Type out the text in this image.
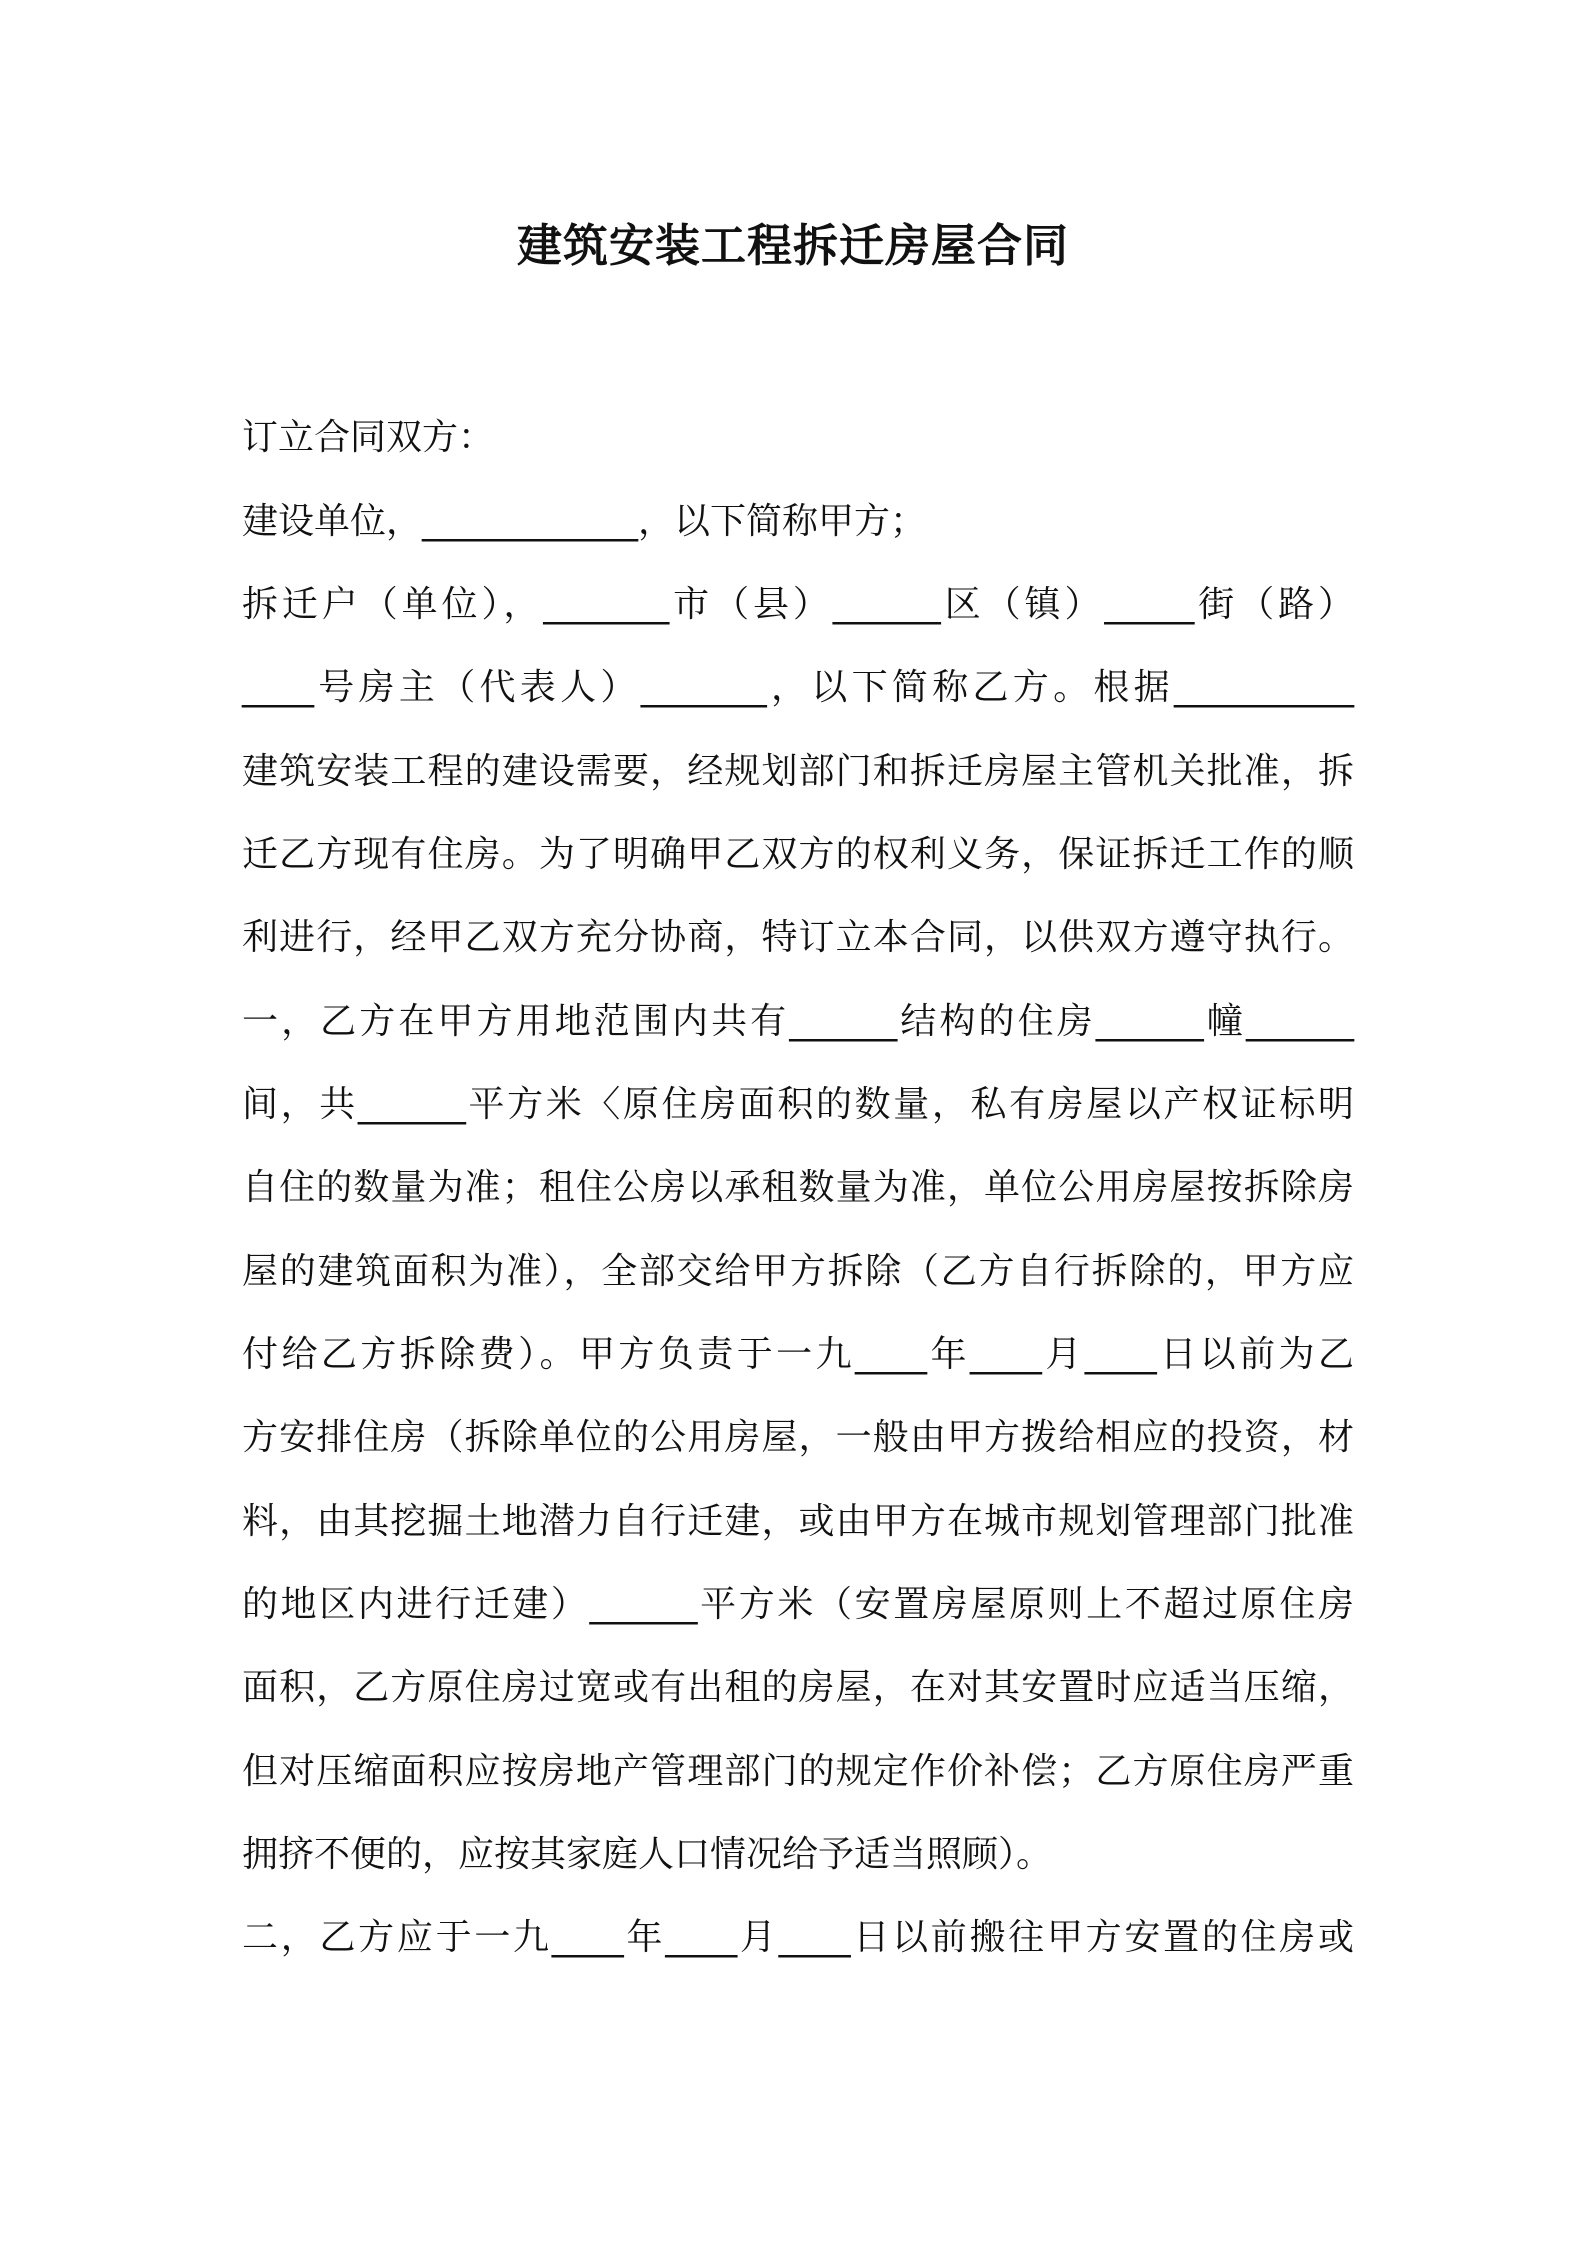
建筑安装工程拆迁房屋合同
订立合同双方：
建设单位，____________，以下简称甲方；
拆迁户（单位），_______市（县）______区（镇）_____街（路）
____号房主（代表人）_______，以下简称乙方。根据__________
建筑安装工程的建设需要，经规划部门和拆迁房屋主管机关批准，拆
迁乙方现有住房。为了明确甲乙双方的权利义务，保证拆迁工作的顺
利进行，经甲乙双方充分协商，特订立本合同，以供双方遵守执行。
一，乙方在甲方用地范围内共有______结构的住房______幢______
间，共______平方米〈原住房面积的数量，私有房屋以产权证标明
自住的数量为准；租住公房以承租数量为准，单位公用房屋按拆除房
屋的建筑面积为准），全部交给甲方拆除（乙方自行拆除的，甲方应
付给乙方拆除费）。甲方负责于一九____年____月____日以前为乙
方安排住房（拆除单位的公用房屋，一般由甲方拨给相应的投资，材
料，由其挖掘土地潜力自行迁建，或由甲方在城市规划管理部门批准
的地区内进行迁建）______平方米（安置房屋原则上不超过原住房
面积，乙方原住房过宽或有出租的房屋，在对其安置时应适当压缩，
但对压缩面积应按房地产管理部门的规定作价补偿；乙方原住房严重
拥挤不便的，应按其家庭人口情况给予适当照顾）。
二，乙方应于一九____年____月____日以前搬往甲方安置的住房或
